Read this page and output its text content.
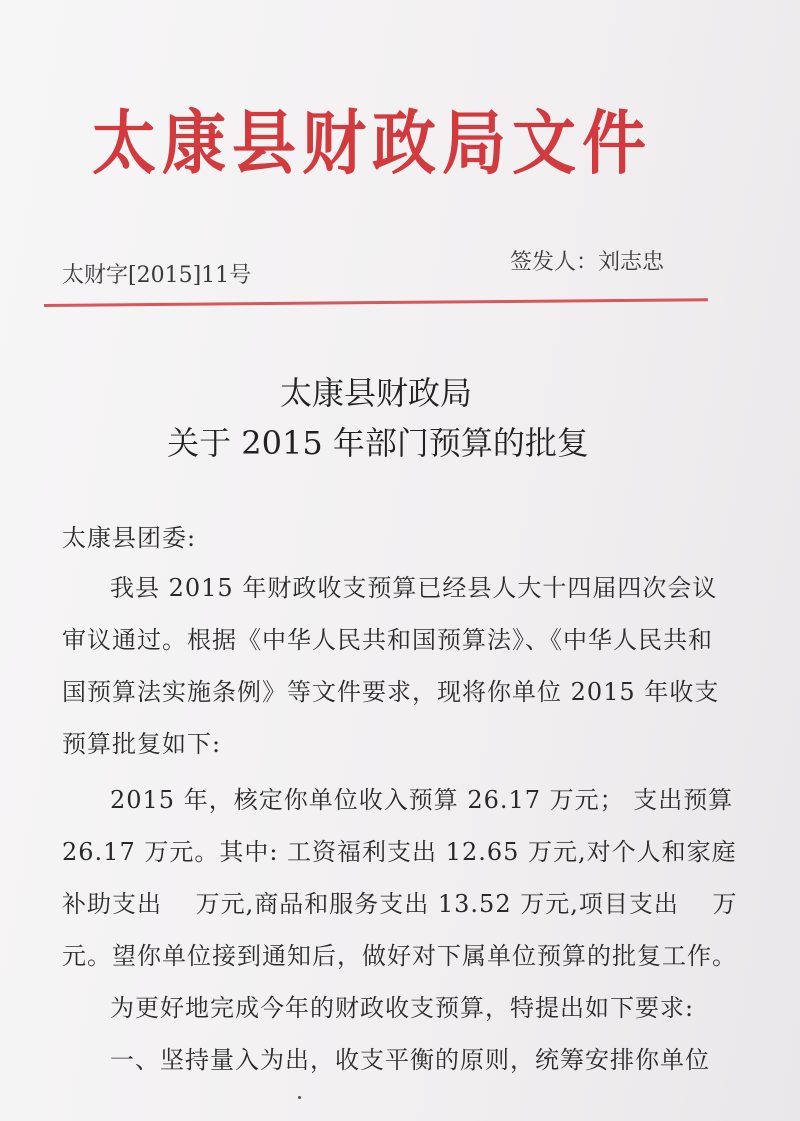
太康县财政局文件
太财字[2015]11号
签发人：刘志忠
太康县财政局
关于 2015 年部门预算的批复
太康县团委:
我县 2015 年财政收支预算已经县人大十四届四次会议
审议通过。根据《中华人民共和国预算法》、《中华人民共和
国预算法实施条例》等文件要求，现将你单位 2015 年收支
预算批复如下:
2015 年，核定你单位收入预算 26.17 万元； 支出预算
26.17 万元。其中: 工资福利支出 12.65 万元,对个人和家庭
补助支出　 万元,商品和服务支出 13.52 万元,项目支出　 万
元。望你单位接到通知后，做好对下属单位预算的批复工作。
为更好地完成今年的财政收支预算，特提出如下要求:
一、坚持量入为出，收支平衡的原则，统筹安排你单位
